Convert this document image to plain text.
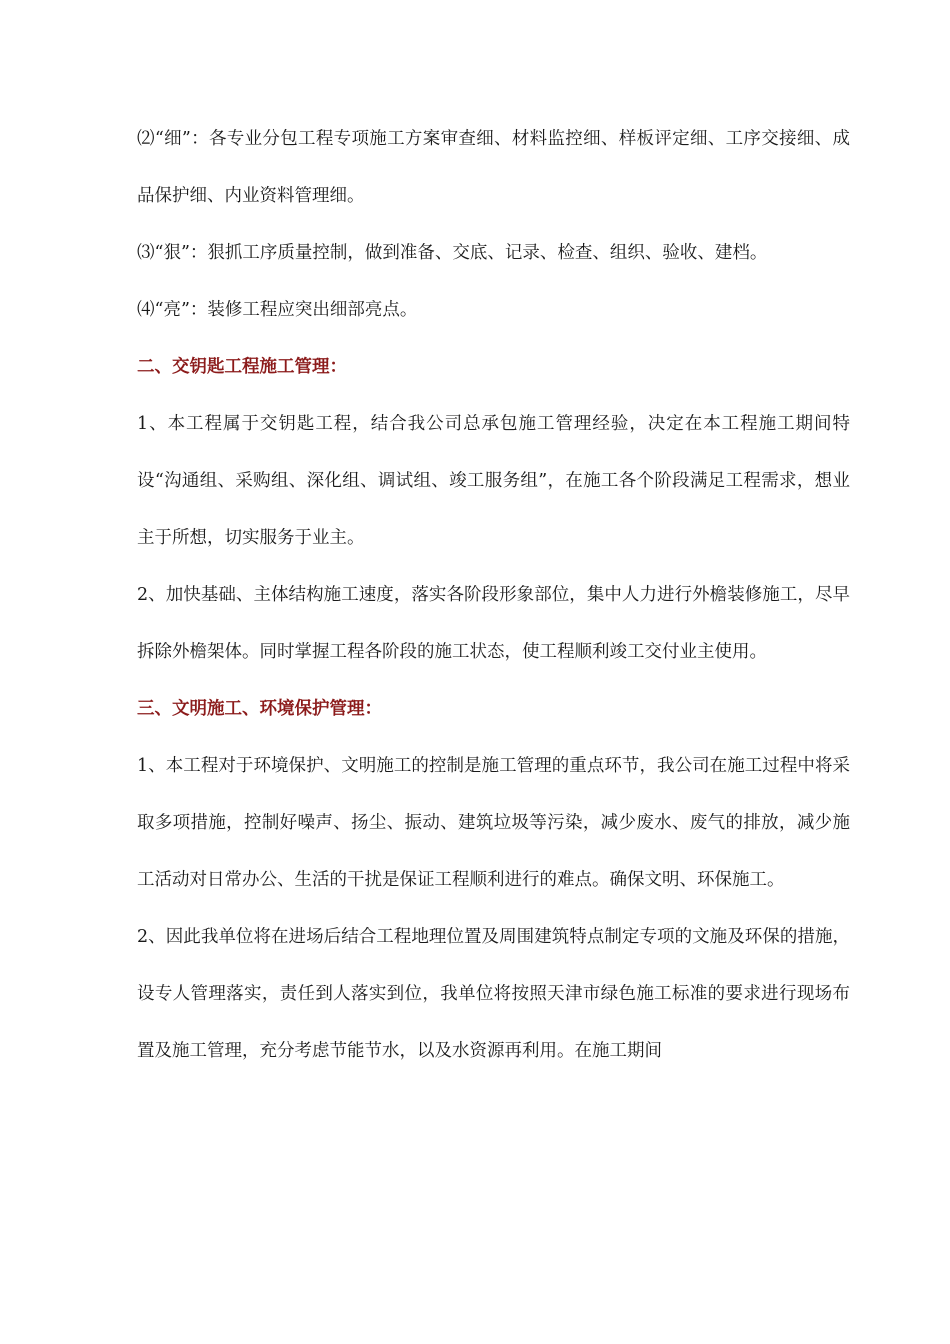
⑵“细”：各专业分包工程专项施工方案审查细、材料监控细、样板评定细、工序交接细、成品保护细、内业资料管理细。

⑶“狠”：狠抓工序质量控制，做到准备、交底、记录、检查、组织、验收、建档。

⑷“亮”：装修工程应突出细部亮点。

二、交钥匙工程施工管理：

1、本工程属于交钥匙工程，结合我公司总承包施工管理经验，决定在本工程施工期间特设“沟通组、采购组、深化组、调试组、竣工服务组”，在施工各个阶段满足工程需求，想业主于所想，切实服务于业主。

2、加快基础、主体结构施工速度，落实各阶段形象部位，集中人力进行外檐装修施工，尽早拆除外檐架体。同时掌握工程各阶段的施工状态，使工程顺利竣工交付业主使用。

三、文明施工、环境保护管理：

1、本工程对于环境保护、文明施工的控制是施工管理的重点环节，我公司在施工过程中将采取多项措施，控制好噪声、扬尘、振动、建筑垃圾等污染，减少废水、废气的排放，减少施工活动对日常办公、生活的干扰是保证工程顺利进行的难点。确保文明、环保施工。

2、因此我单位将在进场后结合工程地理位置及周围建筑特点制定专项的文施及环保的措施，设专人管理落实，责任到人落实到位，我单位将按照天津市绿色施工标准的要求进行现场布置及施工管理，充分考虑节能节水，以及水资源再利用。在施工期间
